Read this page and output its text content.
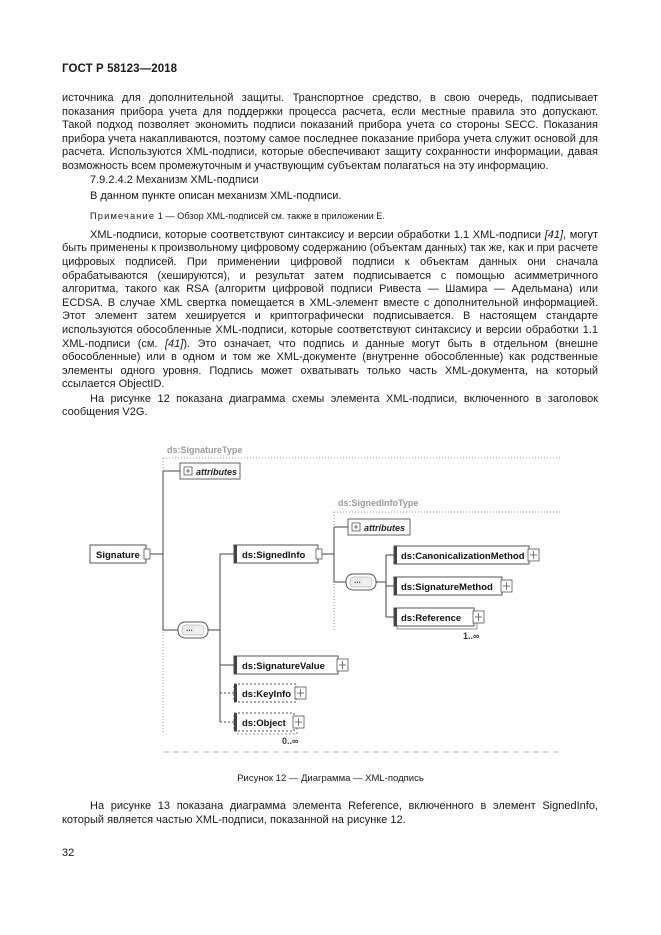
ГОСТ Р 58123—2018

источника для дополнительной защиты. Транспортное средство, в свою очередь, подписывает показания прибора учета для поддержки процесса расчета, если местные правила это допускают. Такой подход позволяет экономить подписи показаний прибора учета со стороны SECC. Показания прибора учета накапливаются, поэтому самое последнее показание прибора учета служит основой для расчета. Используются XML-подписи, которые обеспечивают защиту сохранности информации, давая возможность всем промежуточным и участвующим субъектам полагаться на эту информацию.

7.9.2.4.2 Механизм XML-подписи

В данном пункте описан механизм XML-подписи.

Примечание 1 — Обзор XML-подписей см. также в приложении Е.

XML-подписи, которые соответствуют синтаксису и версии обработки 1.1 XML-подписи [41], могут быть применены к произвольному цифровому содержанию (объектам данных) так же, как и при расчете цифровых подписей. При применении цифровой подписи к объектам данных они сначала обрабатываются (хешируются), и результат затем подписывается с помощью асимметричного алгоритма, такого как RSA (алгоритм цифровой подписи Ривеста — Шамира — Адельмана) или ECDSA. В случае XML свертка помещается в XML-элемент вместе с дополнительной информацией. Этот элемент затем хешируется и криптографически подписывается. В настоящем стандарте используются обособленные XML-подписи, которые соответствуют синтаксису и версии обработки 1.1 XML-подписи (см. [41]). Это означает, что подпись и данные могут быть в отдельном (внешне обособленные) или в одном и том же XML-документе (внутренне обособленные) как родственные элементы одного уровня. Подпись может охватывать только часть XML-документа, на который ссылается ObjectID.

На рисунке 12 показана диаграмма схемы элемента XML-подписи, включенного в заголовок сообщения V2G.

ds:SignatureType
attributes
Signature
∙∙∙
ds:SignedInfoType
attributes
ds:SignedInfo
∙∙∙
ds:CanonicalizationMethod
ds:SignatureMethod
ds:Reference
1..∞
ds:SignatureValue
ds:KeyInfo
ds:Object
0..∞
Рисунок 12 — Диаграмма — XML-подпись

На рисунке 13 показана диаграмма элемента Reference, включенного в элемент SignedInfo, который является частью XML-подписи, показанной на рисунке 12.

32
